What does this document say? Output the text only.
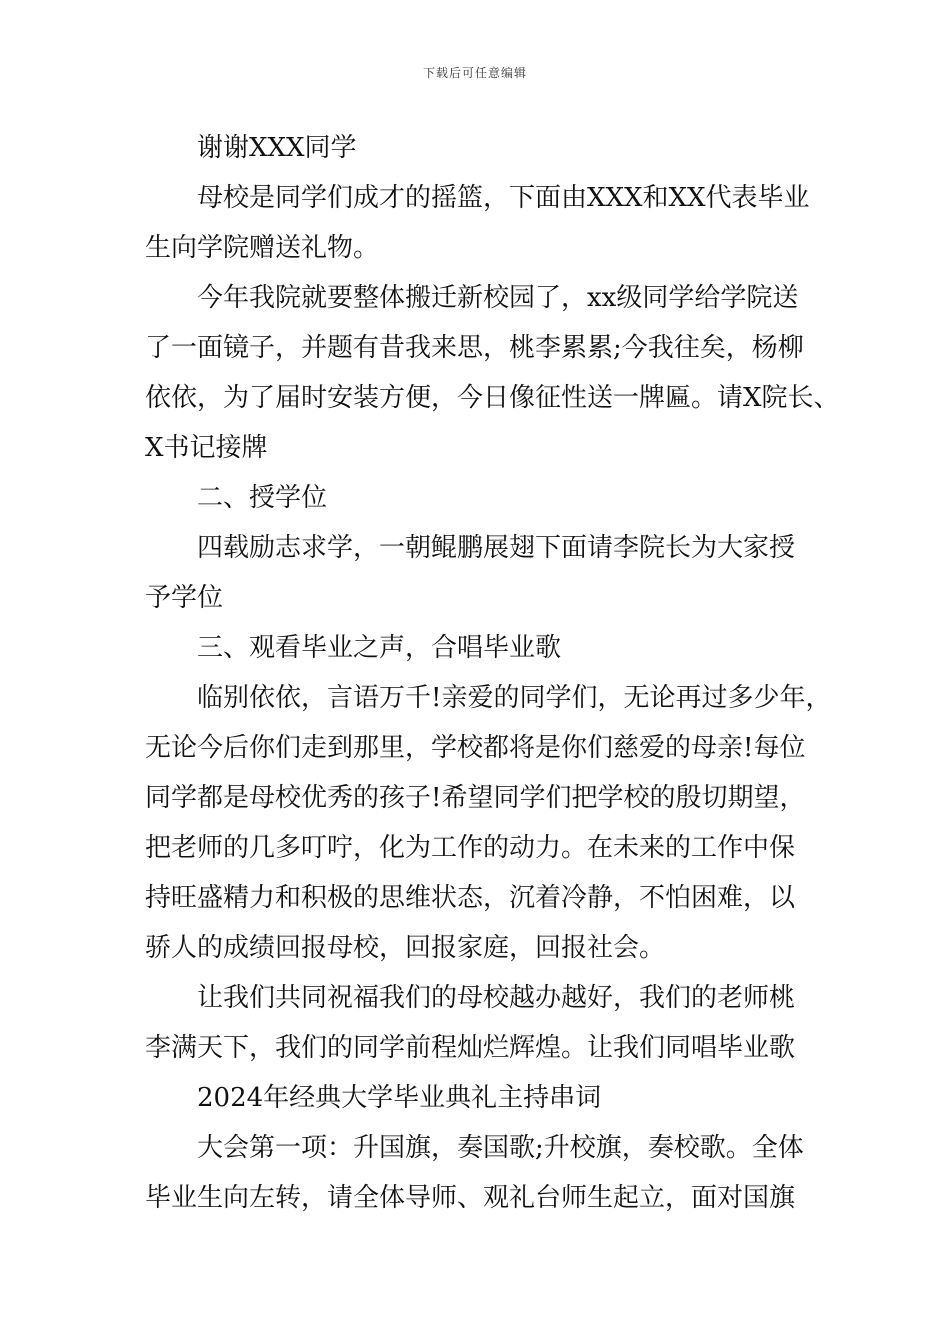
下载后可任意编辑

谢谢XXX同学

母校是同学们成才的摇篮，下面由XXX和XX代表毕业
生向学院赠送礼物。

今年我院就要整体搬迁新校园了，xx级同学给学院送
了一面镜子，并题有昔我来思，桃李累累;今我往矣，杨柳
依依，为了届时安装方便，今日像征性送一牌匾。请X院长、
X书记接牌

二、授学位

四载励志求学，一朝鲲鹏展翅下面请李院长为大家授
予学位

三、观看毕业之声，合唱毕业歌

临别依依，言语万千!亲爱的同学们，无论再过多少年，
无论今后你们走到那里，学校都将是你们慈爱的母亲!每位
同学都是母校优秀的孩子!希望同学们把学校的殷切期望，
把老师的几多叮咛，化为工作的动力。在未来的工作中保
持旺盛精力和积极的思维状态，沉着冷静，不怕困难，以
骄人的成绩回报母校，回报家庭，回报社会。

让我们共同祝福我们的母校越办越好，我们的老师桃
李满天下，我们的同学前程灿烂辉煌。让我们同唱毕业歌

2024年经典大学毕业典礼主持串词

大会第一项：升国旗，奏国歌;升校旗，奏校歌。全体
毕业生向左转，请全体导师、观礼台师生起立，面对国旗
